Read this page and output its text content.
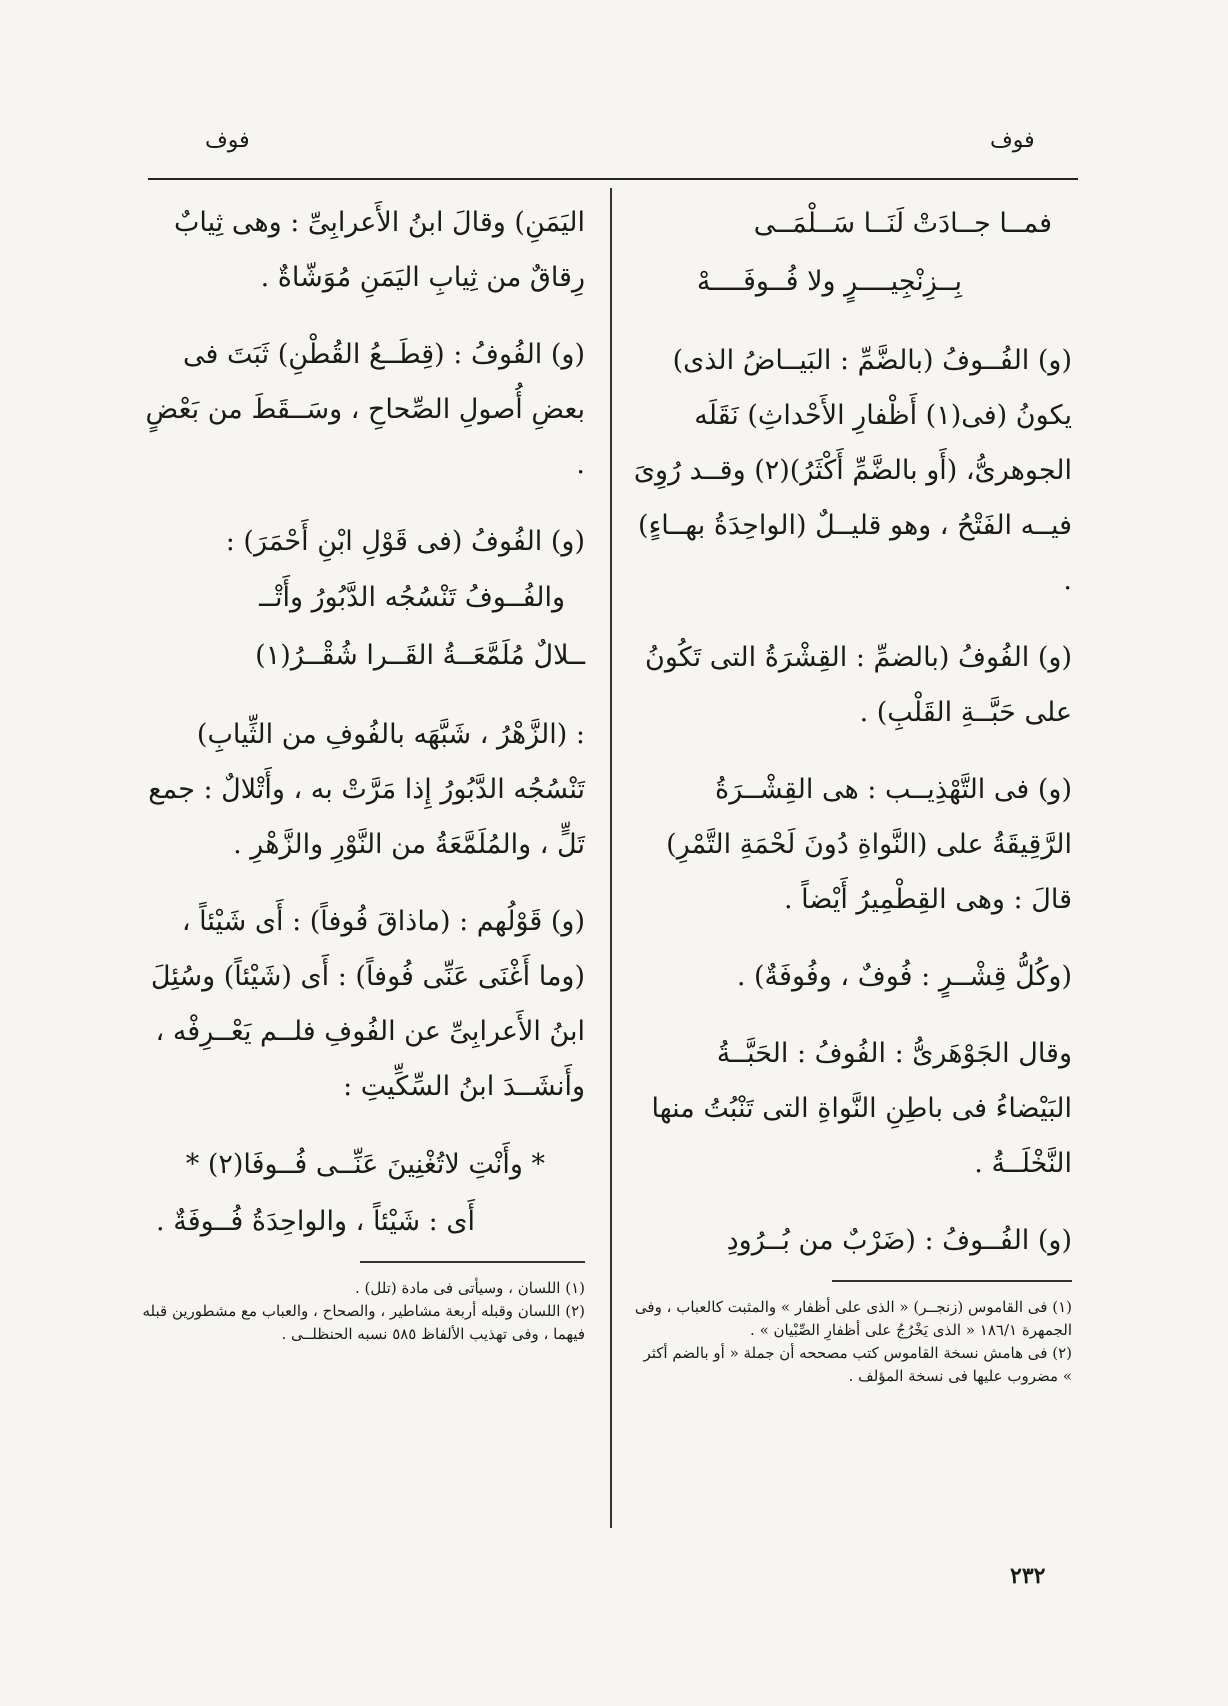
فوف
فوف

فمــا جــادَتْ لَنَــا سَــلْمَــى

بِــزِنْجِيــــرٍ ولا فُــوفَــــهْ

(و) الفُــوفُ (بالضَّمِّ : البَيــاضُ الذى) يكونُ (فى(١) أَظْفارِ الأَحْداثِ) نَقَلَه الجوهرىُّ، (أَو بالضَّمِّ أَكْثَرُ)(٢) وقــد رُوِىَ فيــه الفَتْحُ ، وهو قليــلٌ (الواحِدَةُ بهــاءٍ) .

(و) الفُوفُ (بالضمِّ : القِشْرَةُ التى تَكُونُ على حَبَّــةِ القَلْبِ) .

(و) فى التَّهْذِيــب : هى القِشْــرَةُ الرَّقِيقَةُ على (النَّواةِ دُونَ لَحْمَةِ التَّمْرِ) قالَ : وهى القِطْمِيرُ أَيْضاً .

(وكُلُّ قِشْــرٍ : فُوفٌ ، وفُوفَةٌ) .

وقال الجَوْهَرىُّ : الفُوفُ : الحَبَّــةُ البَيْضاءُ فى باطِنِ النَّواةِ التى تَنْبُتُ منها النَّخْلَــةُ .

(و) الفُــوفُ : (ضَرْبٌ من بُــرُودِ

(١) فى القاموس (زنجــر) « الذى على أظفار » والمثبت كالعباب ، وفى الجمهرة ١٨٦/١ « الذى يَخْرُجُ على أظفارِ الصِّبْيان » .

(٢) فى هامش نسخة القاموس كتب مصححه أن جملة « أو بالضم أكثر » مضروب عليها فى نسخة المؤلف .

اليَمَنِ) وقالَ ابنُ الأَعرابِىِّ : وهى ثِيابٌ رِقاقٌ من ثِيابِ اليَمَنِ مُوَشّاةٌ .

(و) الفُوفُ : (قِطَــعُ القُطْنِ) ثَبَتَ فى بعضِ أُصولِ الصِّحاحِ ، وسَــقَطَ من بَعْضٍ .

(و) الفُوفُ (فى قَوْلِ ابْنِ أَحْمَرَ) :

والفُــوفُ تَنْسُجُه الدَّبُورُ وأَتْــ

ــلالٌ مُلَمَّعَــةُ القَــرا شُقْــرُ(١)

: (الزَّهْرُ ، شَبَّهَه بالفُوفِ من الثِّيابِ) تَنْسُجُه الدَّبُورُ إِذا مَرَّتْ به ، وأَتْلالٌ : جمع تَلٍّ ، والمُلَمَّعَةُ من النَّوْرِ والزَّهْرِ .

(و) قَوْلُهم : (ماذاقَ فُوفاً) : أَى شَيْئاً ، (وما أَغْنَى عَنِّى فُوفاً) : أَى (شَيْئاً) وسُئِلَ ابنُ الأَعرابِىِّ عن الفُوفِ فلــم يَعْــرِفْه ، وأَنشَــدَ ابنُ السِّكِّيتِ :

* وأَنْتِ لاتُغْنِينَ عَنِّــى فُــوفَا(٢) *

أَى : شَيْئاً ، والواحِدَةُ فُــوفَةٌ .

(١) اللسان ، وسيأتى فى مادة (تلل) .

(٢) اللسان وقبله أربعة مشاطير ، والصحاح ، والعباب مع مشطورين قبله فيهما ، وفى تهذيب الألفاظ ٥٨٥ نسبه الحنظلــى .

٢٣٢
